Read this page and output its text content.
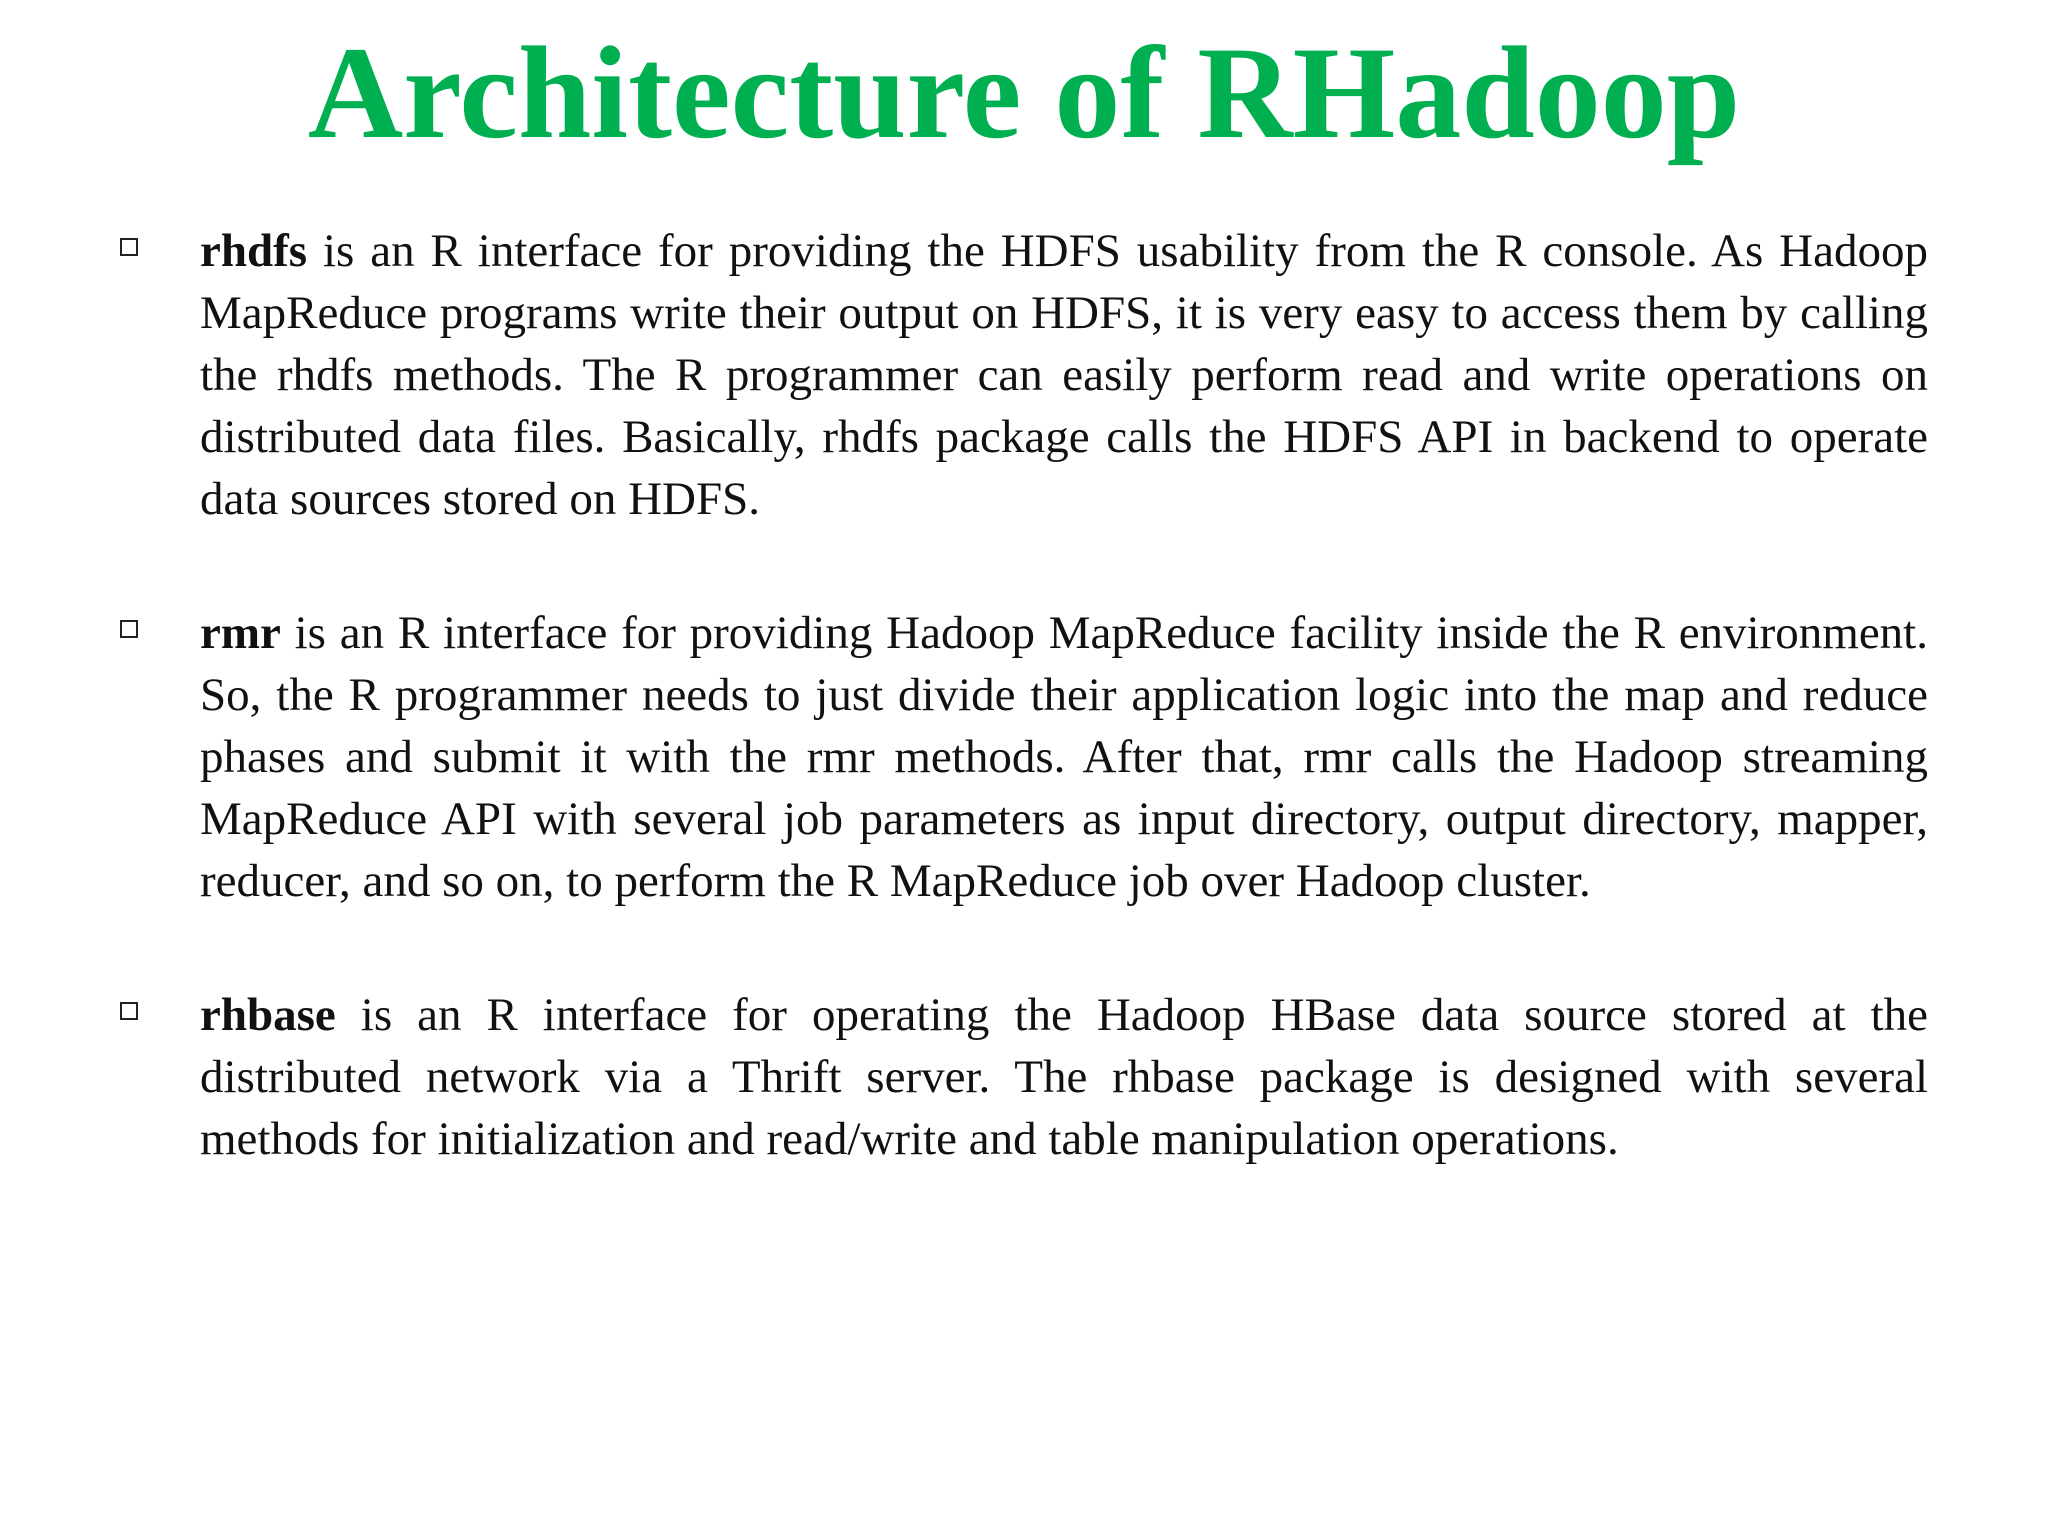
Architecture of RHadoop
rhdfs is an R interface for providing the HDFS usability from the R console. As Hadoop MapReduce programs write their output on HDFS, it is very easy to access them by calling the rhdfs methods. The R programmer can easily perform read and write operations on distributed data files. Basically, rhdfs package calls the HDFS API in backend to operate data sources stored on HDFS.
rmr is an R interface for providing Hadoop MapReduce facility inside the R environment. So, the R programmer needs to just divide their application logic into the map and reduce phases and submit it with the rmr methods. After that, rmr calls the Hadoop streaming MapReduce API with several job parameters as input directory, output directory, mapper, reducer, and so on, to perform the R MapReduce job over Hadoop cluster.
rhbase is an R interface for operating the Hadoop HBase data source stored at the distributed network via a Thrift server. The rhbase package is designed with several methods for initialization and read/write and table manipulation operations.
